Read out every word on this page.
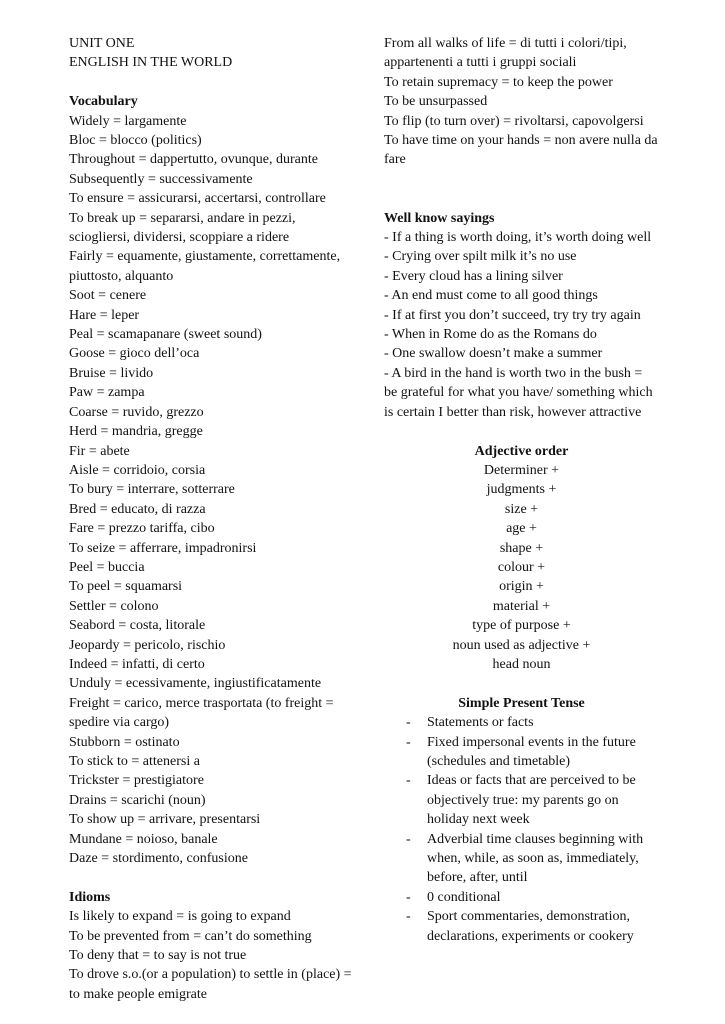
UNIT ONE

ENGLISH IN THE WORLD

Vocabulary

Widely = largamente

Bloc = blocco (politics)

Throughout = dappertutto, ovunque, durante

Subsequently = successivamente

To ensure = assicurarsi, accertarsi, controllare

To break up = separarsi, andare in pezzi, sciogliersi, dividersi, scoppiare a ridere

Fairly = equamente, giustamente, correttamente, piuttosto, alquanto

Soot = cenere

Hare = leper

Peal = scamapanare (sweet sound)

Goose = gioco dell’oca

Bruise = livido

Paw = zampa

Coarse = ruvido, grezzo

Herd = mandria, gregge

Fir = abete

Aisle = corridoio, corsia

To bury = interrare, sotterrare

Bred = educato, di razza

Fare = prezzo tariffa, cibo

To seize = afferrare, impadronirsi

Peel = buccia

To peel = squamarsi

Settler = colono

Seabord = costa, litorale

Jeopardy = pericolo, rischio

Indeed = infatti, di certo

Unduly = ecessivamente, ingiustificatamente

Freight = carico, merce trasportata (to freight = spedire via cargo)

Stubborn = ostinato

To stick to = attenersi a

Trickster = prestigiatore

Drains = scarichi (noun)

To show up = arrivare, presentarsi

Mundane = noioso, banale

Daze = stordimento, confusione

Idioms

Is likely to expand = is going to expand

To be prevented from = can’t do something

To deny that = to say is not true

To drove s.o.(or a population) to settle in (place) = to make people emigrate

From all walks of life = di tutti i colori/tipi, appartenenti a tutti i gruppi sociali

To retain supremacy = to keep the power

To be unsurpassed

To flip (to turn over) = rivoltarsi, capovolgersi

To have time on your hands = non avere nulla da fare

Well know sayings

- If a thing is worth doing, it’s worth doing well

- Crying over spilt milk it’s no use

- Every cloud has a lining silver

- An end must come to all good things

- If at first you don’t succeed, try try try again

- When in Rome do as the Romans do

- One swallow doesn’t make a summer

- A bird in the hand is worth two in the bush = be grateful for what you have/ something which is certain I better than risk, however attractive

Adjective order

Determiner +

judgments +

size +

age +

shape +

colour +

origin +

material +

type of purpose +

noun used as adjective +

head noun

Simple Present Tense

- Statements or facts
- Fixed impersonal events in the future (schedules and timetable)
- Ideas or facts that are perceived to be objectively true: my parents go on holiday next week
- Adverbial time clauses beginning with when, while, as soon as, immediately, before, after, until
- 0 conditional
- Sport commentaries, demonstration, declarations, experiments or cookery
